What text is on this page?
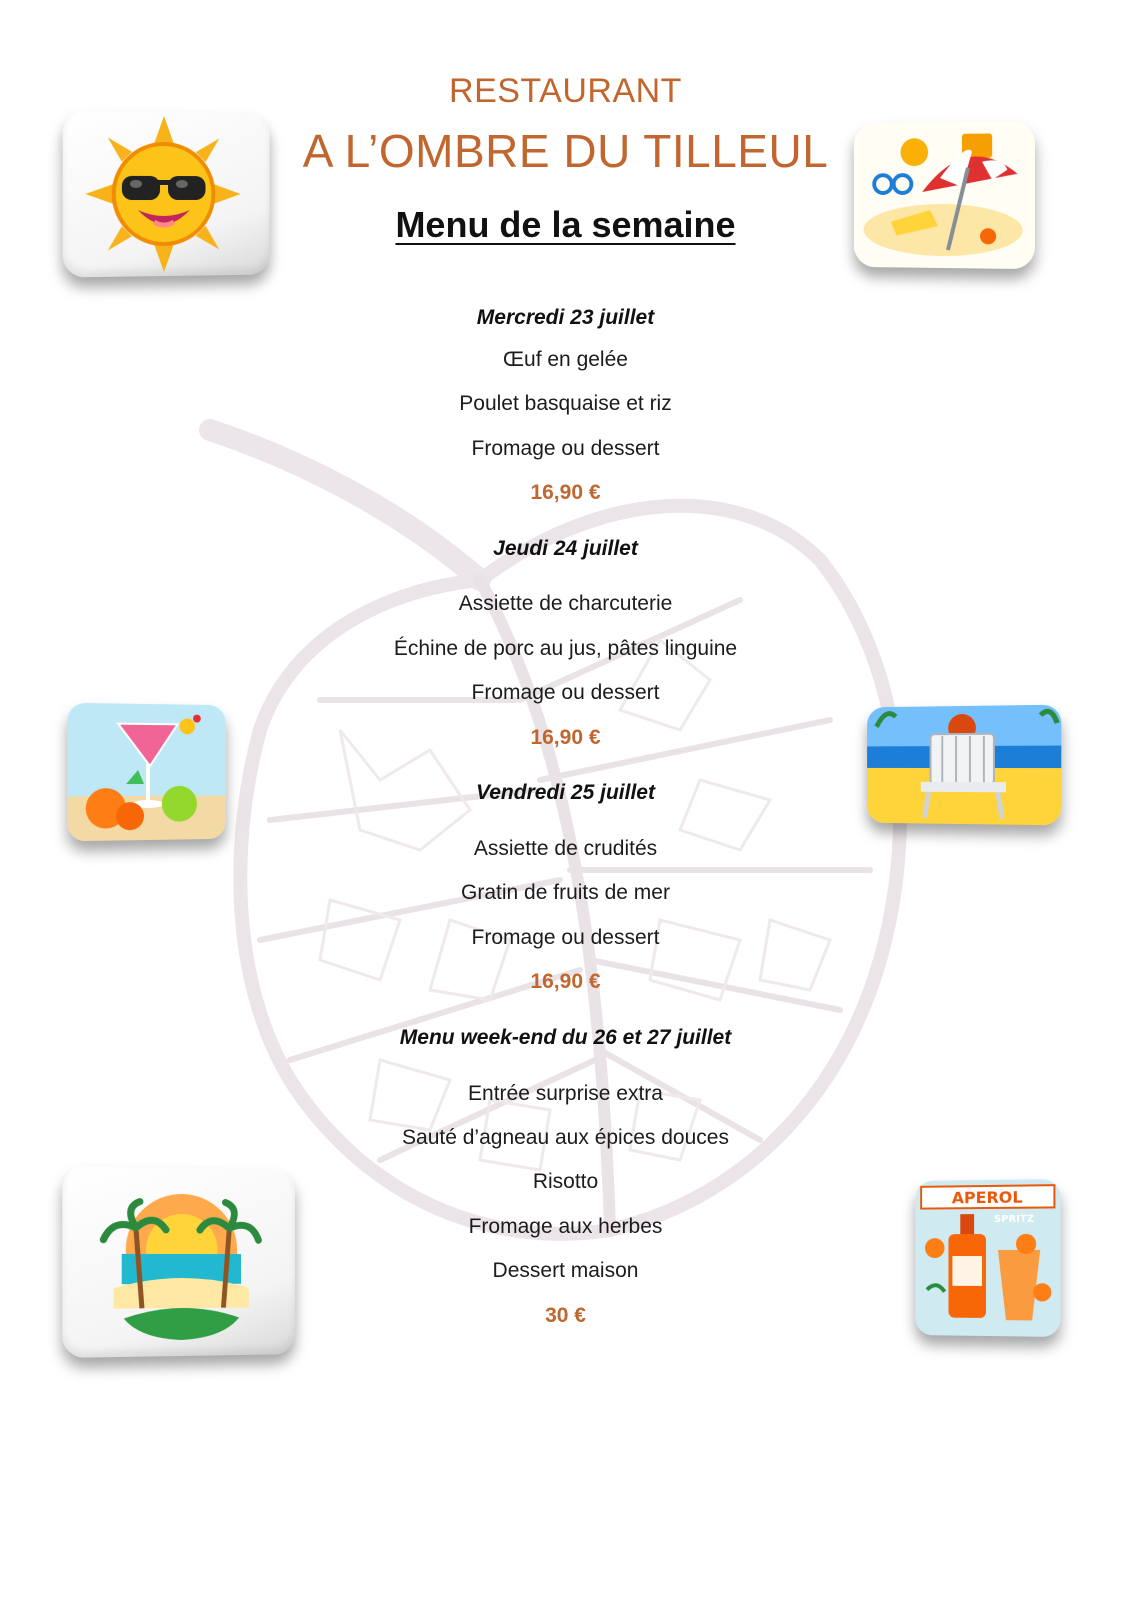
RESTAURANT
A L’OMBRE DU TILLEUL
Menu de la semaine
Mercredi 23 juillet
Œuf en gelée
Poulet basquaise et riz
Fromage ou dessert
16,90 €
Jeudi 24 juillet
Assiette de charcuterie
Échine de porc au jus, pâtes linguine
Fromage ou dessert
16,90 €
Vendredi 25 juillet
Assiette de crudités
Gratin de fruits de mer
Fromage ou dessert
16,90 €
Menu week-end du 26 et 27 juillet
Entrée surprise extra
Sauté d’agneau aux épices douces
Risotto
Fromage aux herbes
Dessert maison
30 €
APEROL
SPRITZ
